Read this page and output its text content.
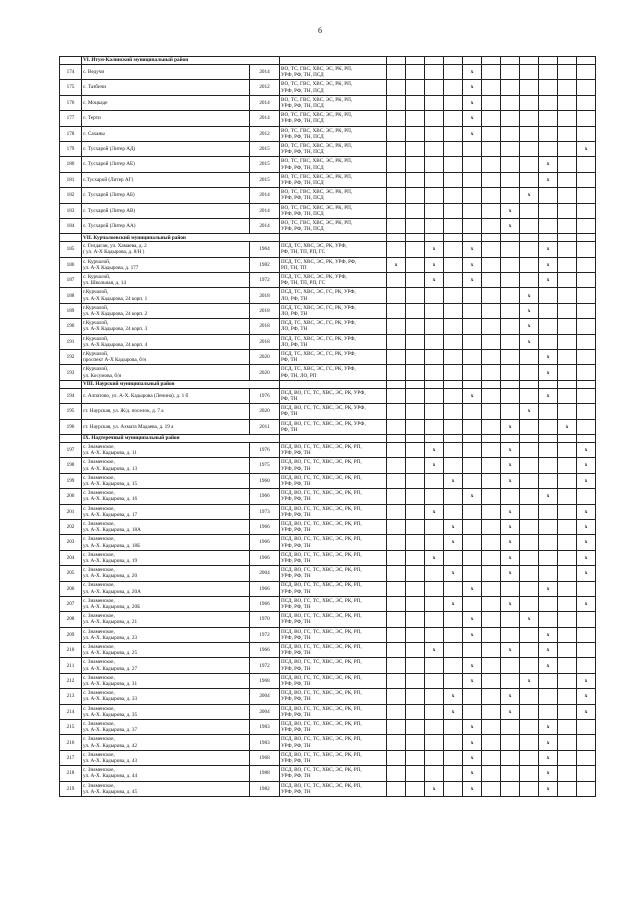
6
	VI. Итум-Калинский муниципальный район													
174	с. Ведучи	2014	ВО, ТС, ГВС, ХВС, ЭС, РК, РП,
УРФ, РФ, ТН, ПСД					x						
175	с. Тазбичи	2012	ВО, ТС, ГВС, ХВС, ЭС, РК, РП,
УРФ, РФ, ТН, ПСД					x						
176	с. Моцкаде	2014	ВО, ТС, ГВС, ХВС, ЭС, РК, РП,
УРФ, РФ, ТН, ПСД					x						
177	с. Терти	2014	ВО, ТС, ГВС, ХВС, ЭС, РК, РП,
УРФ, РФ, ТН, ПСД					x						
178	с. Саханы	2012	ВО, ТС, ГВС, ХВС, ЭС, РК, РП,
УРФ, РФ, ТН, ПСД					x						
179	с. Тусхарой (Литер АД)	2015	ВО, ТС, ГВС, ХВС, ЭС, РК, РП,
УРФ, РФ, ТН, ПСД											x
180	с. Тусхарой (Литер АЕ)	2015	ВО, ТС, ГВС, ХВС, ЭС, РК, РП,
УРФ, РФ, ТН, ПСД									x		
181	с.Тусхарой (Литер АГ)	2015	ВО, ТС, ГВС, ХВС, ЭС, РК, РП,
УРФ, РФ, ТН, ПСД									x		
182	с. Тусхарой (Литер АБ)	2014	ВО, ТС, ГВС, ХВС, ЭС, РК, РП,
УРФ, РФ, ТН, ПСД								x			
183	с. Тусхарой (Литер АВ)	2014	ВО, ТС, ГВС, ХВС, ЭС, РК, РП,
УРФ, РФ, ТН, ПСД							x				
184	с. Тусхарой (Литер АА)	2014	ВО, ТС, ГВС, ХВС, ЭС, РК, РП,
УРФ, РФ, ТН, ПСД							x				
	VII. Курчалоевский муниципальный район													
185	с. Гелдаган, ул. Хамаева, д. 2
( ул. А-Х Кадырова, д. 8/Н )	1964	ПСД, ТС, ХВС, ЭС, РК, УРФ,
РФ, ТН, ТП, РП, ГС			x		x				x		
186	с. Курчалой,
ул. А-Х Кадырова, д. 177	1982	ПСД, ТС, ХВС, ЭС, РК, УРФ, РФ,
РП, ТН, ТП	x		x		x				x		
187	с. Курчалой,
ул. Школьная, д. 14	1972	ПСД, ТС, ХВС, ЭС, РК, УРФ,
РФ, ТН, ТП, РП, ГС			x		x				x		
188	г.Курчалой,
ул. А-Х Кадырова, 24 корп. 1	2018	ПСД, ТС, ХВС, ЭС, ГС, РК, УРФ,
ЛО, РФ, ТН								x			
189	г.Курчалой,
ул. А-Х Кадырова, 24 корп. 2	2018	ПСД, ТС, ХВС, ЭС, ГС, РК, УРФ,
ЛО, РФ, ТН								x			
190	г.Курчалой,
ул. А-Х Кадырова, 24 корп. 3	2018	ПСД, ТС, ХВС, ЭС, ГС, РК, УРФ,
ЛО, РФ, ТН								x			
191	г.Курчалой,
ул. А-Х Кадырова, 24 корп. 4	2018	ПСД, ТС, ХВС, ЭС, ГС, РК, УРФ,
ЛО, РФ, ТН								x			
192	г.Курчалой,
проспект А-Х Кадырова, б/н	2020	ПСД, ТС, ХВС, ЭС, ГС, РК, УРФ,
РФ, ТН									x		
193	г.Курчалой,
ул. Косумова, б/н	2020	ПСД, ТС, ХВС, ЭС, ГС, РК, УРФ,
РФ, ТН, ЛО, РП									x		
	VIII. Наурский муниципальный район													
194	с. Алпатово, ул. А-Х. Кадырова (Ленина), д. 1 б	1976	ПСД, ВО, ГС, ТС, ХВС, ЭС, РК, УРФ,
РФ, ТН					x				x		
195	ст. Наурская, ул. Ж/д. поселок, д. 7 а	2020	ПСД, ВО, ГС, ТС, ХВС, ЭС, РК, УРФ,
РФ, ТН								x			
196	ст. Наурская, ул. Ахмата Мадаева, д. 19 а	2011	ПСД, ВО, ГС, ТС, ХВС, ЭС, РК, УРФ,
РФ, ТН							x			x	
	IX. Надтеречный муниципальный район													
197	с. Знаменское,
ул. А-Х. Кадырова, д. 11	1976	ПСД, ВО, ГС, ТС, ХВС, ЭС, РК, РП,
УРФ, РФ, ТН			x				x				x
198	с. Знаменское,
ул. А-Х. Кадырова, д. 13	1975	ПСД, ВО, ГС, ТС, ХВС, ЭС, РК, РП,
УРФ, РФ, ТН			x				x				x
199	с. Знаменское,
ул. А-Х. Кадырова, д. 15	1960	ПСД, ВО, ГС, ТС, ХВС, ЭС, РК, РП,
УРФ, РФ, ТН				x			x				x
200	с. Знаменское,
ул. А-Х. Кадырова, д. 16	1966	ПСД, ВО, ГС, ТС, ХВС, ЭС, РК, РП,
УРФ, РФ, ТН					x				x		
201	с. Знаменское,
ул. А-Х. Кадырова, д. 17	1973	ПСД, ВО, ГС, ТС, ХВС, ЭС, РК, РП,
УРФ, РФ, ТН			x				x				x
202	с. Знаменское,
ул. А-Х. Кадырова, д. 18А	1966	ПСД, ВО, ГС, ТС, ХВС, ЭС, РК, РП,
УРФ, РФ, ТН				x			x				x
203	с. Знаменское,
ул. А-Х. Кадырова, д. 18Б	1966	ПСД, ВО, ГС, ТС, ХВС, ЭС, РК, РП,
УРФ, РФ, ТН				x			x				x
204	с. Знаменское,
ул. А-Х. Кадырова, д. 19	1966	ПСД, ВО, ГС, ТС, ХВС, ЭС, РК, РП,
УРФ, РФ, ТН			x				x				x
205	с. Знаменское,
ул. А-Х. Кадырова, д. 20	2004	ПСД, ВО, ГС, ТС, ХВС, ЭС, РК, РП,
УРФ, РФ, ТН				x			x				x
206	с. Знаменское,
ул. А-Х. Кадырова, д. 20А	1966	ПСД, ВО, ГС, ТС, ХВС, ЭС, РК, РП,
УРФ, РФ, ТН					x				x		
207	с. Знаменское,
ул. А-Х. Кадырова, д. 20Б	1966	ПСД, ВО, ГС, ТС, ХВС, ЭС, РК, РП,
УРФ, РФ, ТН				x			x				x
208	с. Знаменское,
ул. А-Х. Кадырова, д. 21	1970	ПСД, ВО, ГС, ТС, ХВС, ЭС, РК, РП,
УРФ, РФ, ТН					x			x			
209	с. Знаменское,
ул. А-Х. Кадырова, д. 23	1972	ПСД, ВО, ГС, ТС, ХВС, ЭС, РК, РП,
УРФ, РФ, ТН					x				x		
210	с. Знаменское,
ул. А-Х. Кадырова, д. 25	1966	ПСД, ВО, ГС, ТС, ХВС, ЭС, РК, РП,
УРФ, РФ, ТН			x				x		x		
211	с. Знаменское,
ул. А-Х. Кадырова, д. 27	1972	ПСД, ВО, ГС, ТС, ХВС, ЭС, РК, РП,
УРФ, РФ, ТН					x				x		
212	с. Знаменское,
ул. А-Х. Кадырова, д. 31	1968	ПСД, ВО, ГС, ТС, ХВС, ЭС, РК, РП,
УРФ, РФ, ТН					x			x			x
213	с. Знаменское,
ул. А-Х. Кадырова, д. 33	2004	ПСД, ВО, ГС, ТС, ХВС, ЭС, РК, РП,
УРФ, РФ, ТН				x			x				x
214	с. Знаменское,
ул. А-Х. Кадырова, д. 35	2004	ПСД, ВО, ГС, ТС, ХВС, ЭС, РК, РП,
УРФ, РФ, ТН				x			x				x
215	с. Знаменское,
ул. А-Х. Кадырова, д. 37	1983	ПСД, ВО, ГС, ТС, ХВС, ЭС, РК, РП,
УРФ, РФ, ТН					x				x		
216	с. Знаменское,
ул. А-Х. Кадырова, д. 42	1983	ПСД, ВО, ГС, ТС, ХВС, ЭС, РК, РП,
УРФ, РФ, ТН					x				x		
217	с. Знаменское,
ул. А-Х. Кадырова, д. 43	1968	ПСД, ВО, ГС, ТС, ХВС, ЭС, РК, РП,
УРФ, РФ, ТН					x				x		
218	с. Знаменское,
ул. А-Х. Кадырова, д. 44	1988	ПСД, ВО, ГС, ТС, ХВС, ЭС, РК, РП,
УРФ, РФ, ТН					x				x		
219	с. Знаменское,
ул. А-Х. Кадырова, д. 45	1982	ПСД, ВО, ГС, ТС, ХВС, ЭС, РК, РП,
УРФ, РФ, ТН			x		x				x		
